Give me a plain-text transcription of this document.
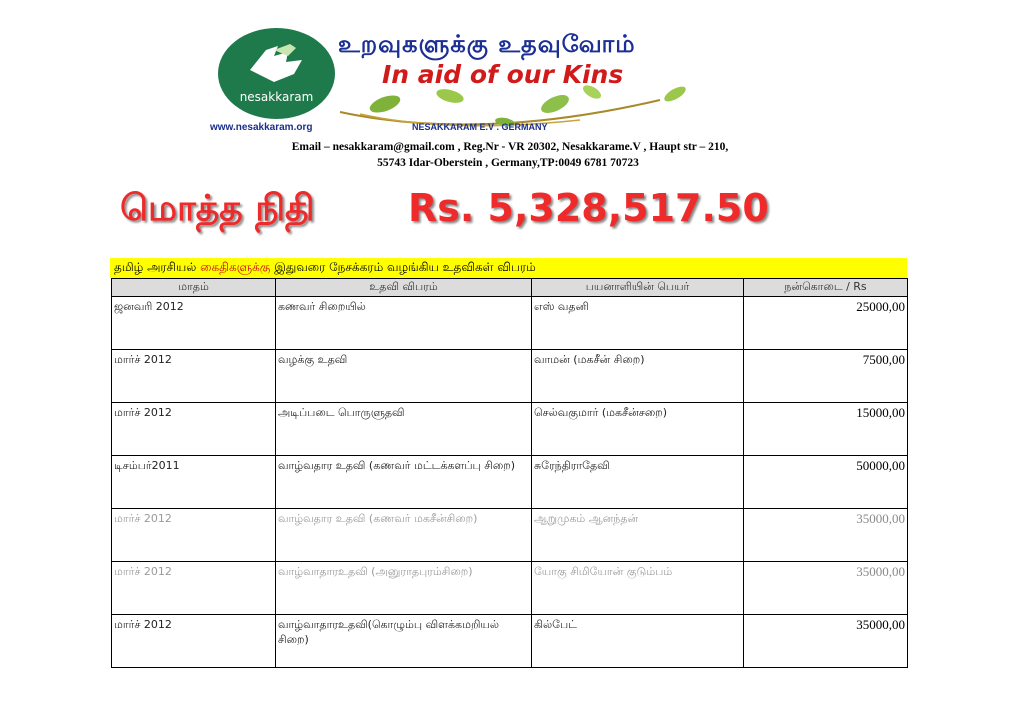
nesakkaram
www.nesakkaram.org
உறவுகளுக்கு உதவுவோம்
In aid of our Kins
NESAKKARAM E.V . GERMANY
Email – nesakkaram@gmail.com , Reg.Nr - VR 20302, Nesakkarame.V , Haupt str – 210,
55743 Idar-Oberstein , Germany,TP:0049 6781 70723
மொத்த நிதி Rs. 5,328,517.50
தமிழ் அரசியல் கைதிகளுக்கு இதுவரை நேசக்கரம் வழங்கிய உதவிகள் விபரம்
மாதம்	உதவி விபரம்	பயனாளியின் பெயர்	நன்கொடை / Rs
ஜனவரி 2012	கணவர் சிறையில்	எஸ் வதனி	25000,00
மார்ச் 2012	வழக்கு உதவி	வாமன் (மகசீன் சிறை)	7500,00
மார்ச் 2012	அடிப்படை பொருளுதவி	செல்வகுமார் (மகசீன்சறை)	15000,00
டிசம்பர்2011	வாழ்வதார உதவி (கணவர் மட்டக்களப்பு சிறை)	சுரேந்திராதேவி	50000,00
மார்ச் 2012	வாழ்வதார உதவி (கணவர் மகசீன்சிறை)	ஆறுமுகம் ஆனந்தன்	35000,00
மார்ச் 2012	வாழ்வாதாரஉதவி (அனுராதபுரம்சிறை)	யோகு சிமியோன் குடும்பம்	35000,00
மார்ச் 2012	வாழ்வாதாரஉதவி(கொழும்பு விளக்கமறியல் சிறை)	கில்பேட்	35000,00
